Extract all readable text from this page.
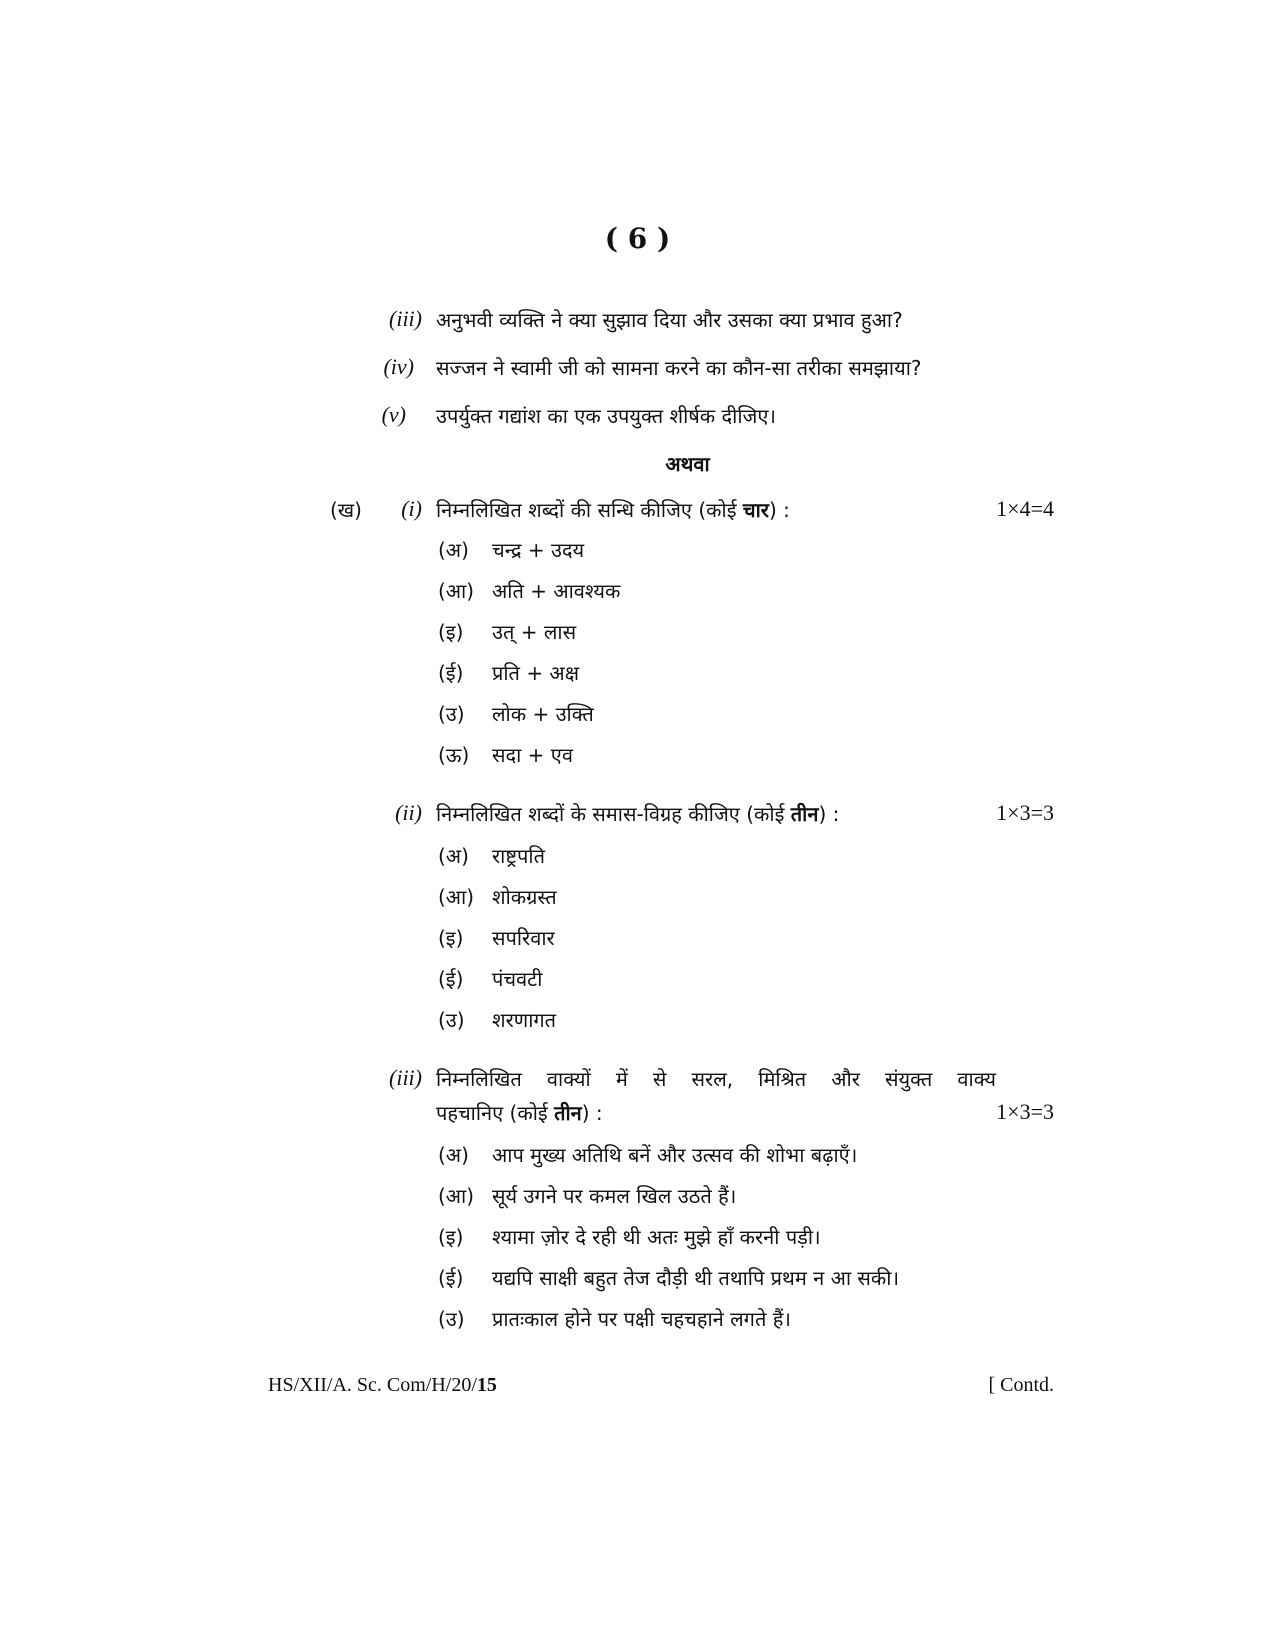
( 6 )
(iii) अनुभवी व्यक्ति ने क्या सुझाव दिया और उसका क्या प्रभाव हुआ?
(iv) सज्जन ने स्वामी जी को सामना करने का कौन-सा तरीका समझाया?
(v) उपर्युक्त गद्यांश का एक उपयुक्त शीर्षक दीजिए।
अथवा
(ख)	(i) निम्नलिखित शब्दों की सन्धि कीजिए (कोई चार) :	1×4=4
(अ)	चन्द्र + उदय
(आ) अति + आवश्यक
(इ)	उत् + लास
(ई)	प्रति + अक्ष
(उ)	लोक + उक्ति
(ऊ)	सदा + एव
(ii) निम्नलिखित शब्दों के समास-विग्रह कीजिए (कोई तीन) :	1×3=3
(अ)	राष्ट्रपति
(आ) शोकग्रस्त
(इ)	सपरिवार
(ई)	पंचवटी
(उ)	शरणागत
(iii) निम्नलिखित वाक्यों में से सरल, मिश्रित और संयुक्त वाक्य
पहचानिए (कोई तीन) :	1×3=3
(अ)	आप मुख्य अतिथि बनें और उत्सव की शोभा बढ़ाएँ।
(आ) सूर्य उगने पर कमल खिल उठते हैं।
(इ)	श्यामा ज़ोर दे रही थी अतः मुझे हाँ करनी पड़ी।
(ई)	यद्यपि साक्षी बहुत तेज दौड़ी थी तथापि प्रथम न आ सकी।
(उ)	प्रातःकाल होने पर पक्षी चहचहाने लगते हैं।
HS/XII/A. Sc. Com/H/20/15	[ Contd.
